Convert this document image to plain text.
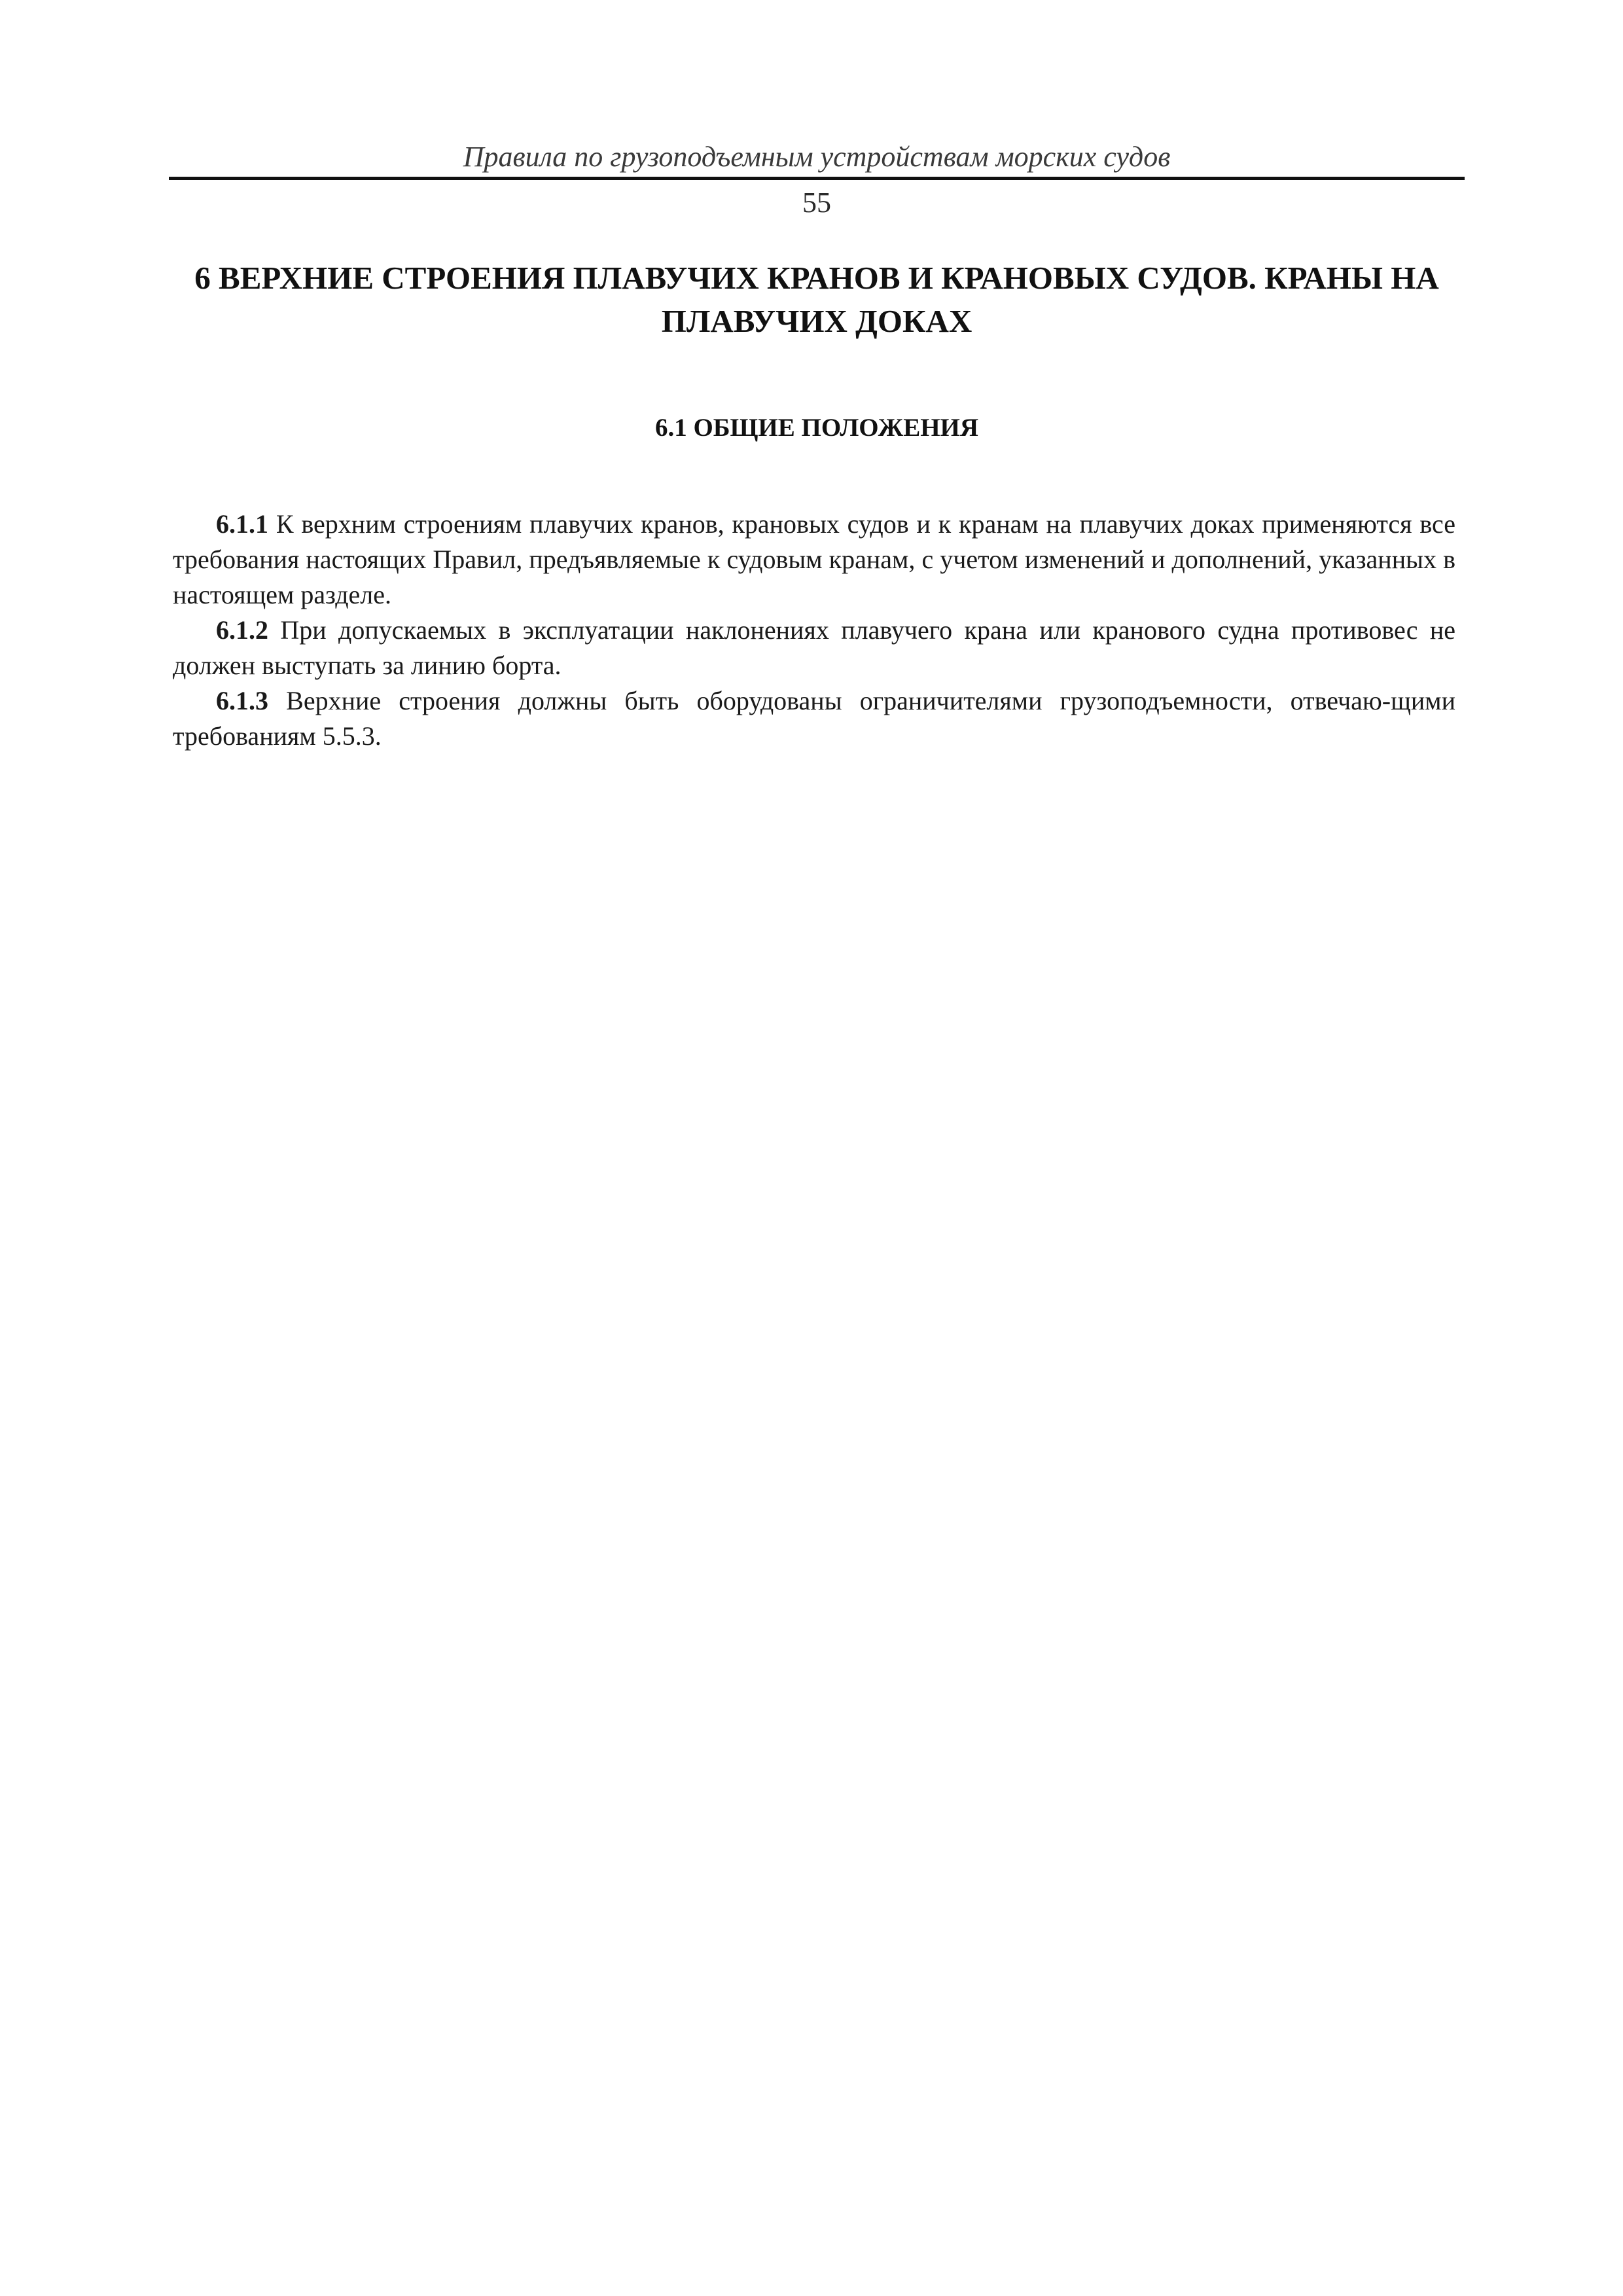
Правила по грузоподъемным устройствам морских судов
55
6 ВЕРХНИЕ СТРОЕНИЯ ПЛАВУЧИХ КРАНОВ И КРАНОВЫХ СУДОВ. КРАНЫ НА ПЛАВУЧИХ ДОКАХ
6.1 ОБЩИЕ ПОЛОЖЕНИЯ

6.1.1 К верхним строениям плавучих кранов, крановых судов и к кранам на плавучих доках применяются все требования настоящих Правил, предъявляемые к судовым кранам, с учетом изменений и дополнений, указанных в настоящем разделе.

6.1.2 При допускаемых в эксплуатации наклонениях плавучего крана или кранового судна противовес не должен выступать за линию борта.

6.1.3 Верхние строения должны быть оборудованы ограничителями грузоподъемности, отвечаю-щими требованиям 5.5.3.
